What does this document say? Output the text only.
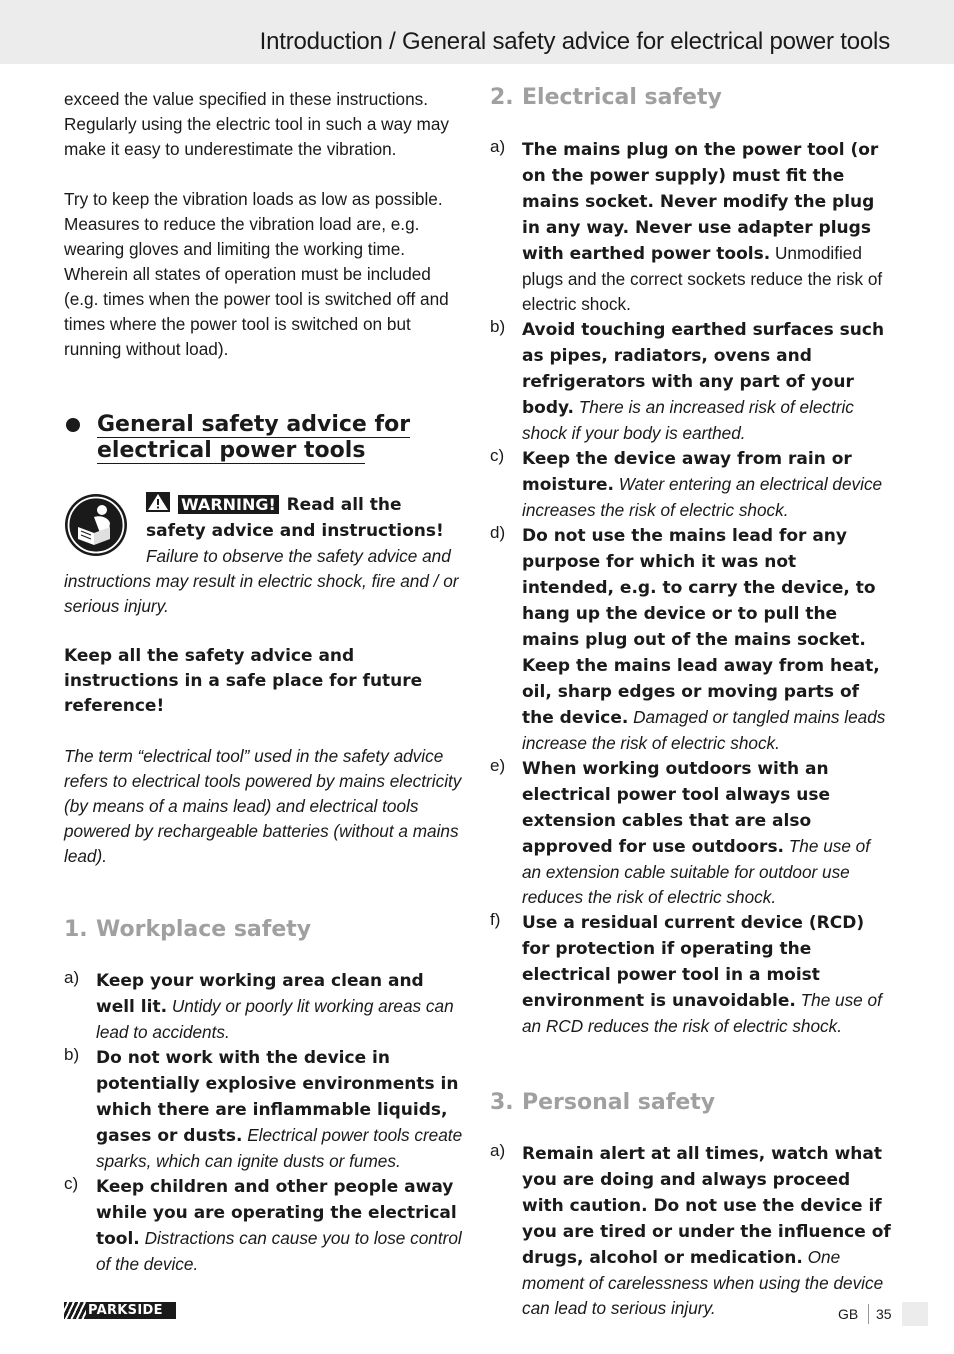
Introduction / General safety advice for electrical power tools

exceed the value specified in these instructions. Regularly using the electric tool in such a way may make it easy to underestimate the vibration.

Try to keep the vibration loads as low as possible. Measures to reduce the vibration load are, e.g. wearing gloves and limiting the working time. Wherein all states of operation must be included (e.g. times when the power tool is switched off and times where the power tool is switched on but running without load).

General safety advice for
electrical power tools

WARNING! Read all the safety advice and instructions! Failure to observe the safety advice and instructions may result in electric shock, fire and / or serious injury.

Keep all the safety advice and instructions in a safe place for future reference!

The term “electrical tool” used in the safety advice refers to electrical tools powered by mains electricity (by means of a mains lead) and electrical tools powered by rechargeable batteries (without a mains lead).

1. Workplace safety
a) Keep your working area clean and well lit. Untidy or poorly lit working areas can lead to accidents.

b) Do not work with the device in potentially explosive environments in which there are inflammable liquids, gases or dusts. Electrical power tools create sparks, which can ignite dusts or fumes.

c) Keep children and other people away while you are operating the electrical tool. Distractions can cause you to lose control of the device.

2. Electrical safety
a) The mains plug on the power tool (or on the power supply) must fit the mains socket. Never modify the plug in any way. Never use adapter plugs with earthed power tools. Unmodified plugs and the correct sockets reduce the risk of electric shock.

b) Avoid touching earthed surfaces such as pipes, radiators, ovens and refrigerators with any part of your body. There is an increased risk of electric shock if your body is earthed.

c) Keep the device away from rain or moisture. Water entering an electrical device increases the risk of electric shock.

d) Do not use the mains lead for any purpose for which it was not intended, e.g. to carry the device, to hang up the device or to pull the mains plug out of the mains socket. Keep the mains lead away from heat, oil, sharp edges or moving parts of the device. Damaged or tangled mains leads increase the risk of electric shock.

e) When working outdoors with an electrical power tool always use extension cables that are also approved for use outdoors. The use of an extension cable suitable for outdoor use reduces the risk of electric shock.

f) Use a residual current device (RCD) for protection if operating the electrical power tool in a moist environment is unavoidable. The use of an RCD reduces the risk of electric shock.

3. Personal safety
a) Remain alert at all times, watch what you are doing and always proceed with caution. Do not use the device if you are tired or under the influence of drugs, alcohol or medication. One moment of carelessness when using the device can lead to serious injury.

PARKSIDE	GB 35
